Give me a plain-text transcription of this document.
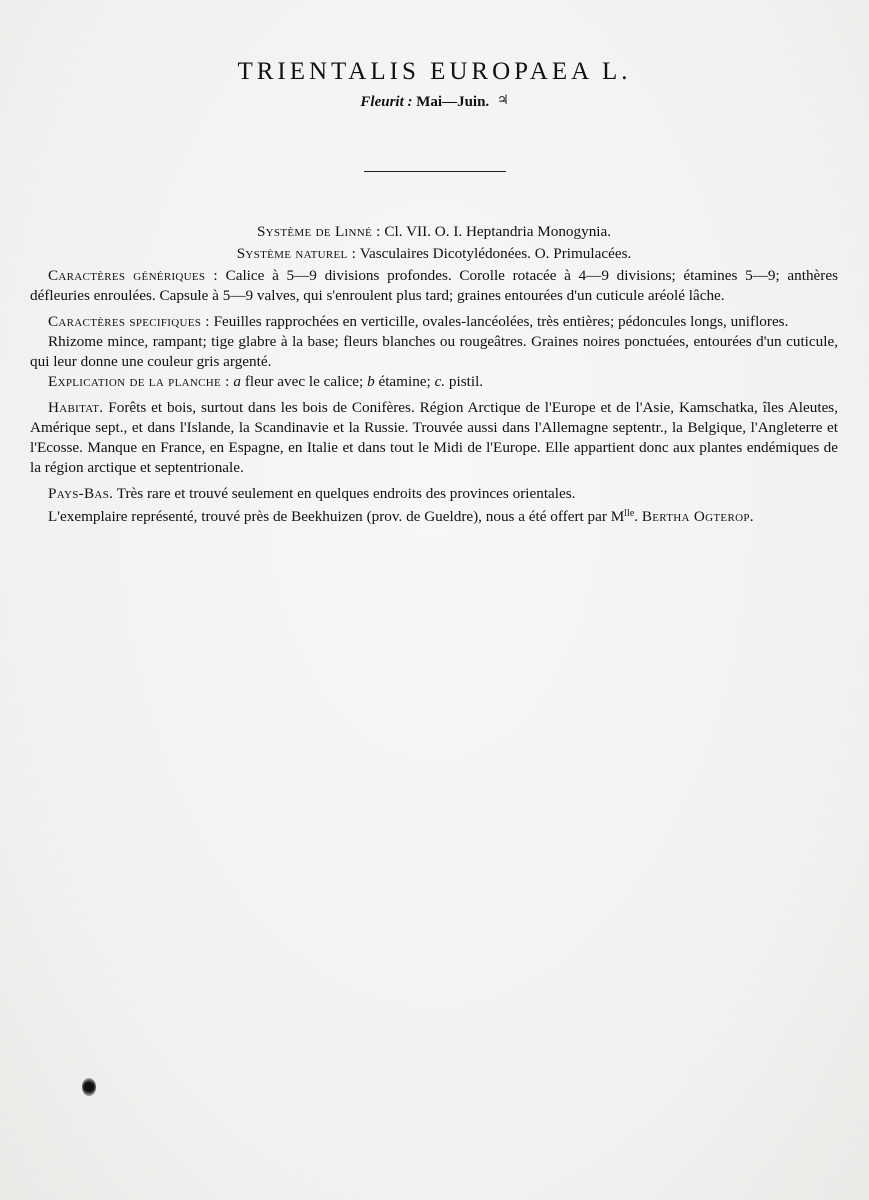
TRIENTALIS EUROPAEA L.
Fleurit : Mai—Juin. ♃

Système de Linné : Cl. VII. O. I. Heptandria Monogynia.

Système naturel : Vasculaires Dicotylédonées. O. Primulacées.

Caractères génériques : Calice à 5—9 divisions profondes. Corolle rotacée à 4—9 divisions; étamines 5—9; anthères défleuries enroulées. Capsule à 5—9 valves, qui s'enroulent plus tard; graines entourées d'un cuticule aréolé lâche.

Caractères specifiques : Feuilles rapprochées en verticille, ovales-lancéolées, très entières; pédoncules longs, uniflores.

Rhizome mince, rampant; tige glabre à la base; fleurs blanches ou rougeâtres. Graines noires ponctuées, entourées d'un cuticule, qui leur donne une couleur gris argenté.

Explication de la planche : a fleur avec le calice; b étamine; c. pistil.

Habitat. Forêts et bois, surtout dans les bois de Conifères. Région Arctique de l'Europe et de l'Asie, Kamschatka, îles Aleutes, Amérique sept., et dans l'Islande, la Scandinavie et la Russie. Trouvée aussi dans l'Allemagne septentr., la Belgique, l'Angleterre et l'Ecosse. Manque en France, en Espagne, en Italie et dans tout le Midi de l'Europe. Elle appartient donc aux plantes endémiques de la région arctique et septentrionale.

Pays-Bas. Très rare et trouvé seulement en quelques endroits des provinces orientales.

L'exemplaire représenté, trouvé près de Beekhuizen (prov. de Gueldre), nous a été offert par $M^{lle}$. Bertha Ogterop.
